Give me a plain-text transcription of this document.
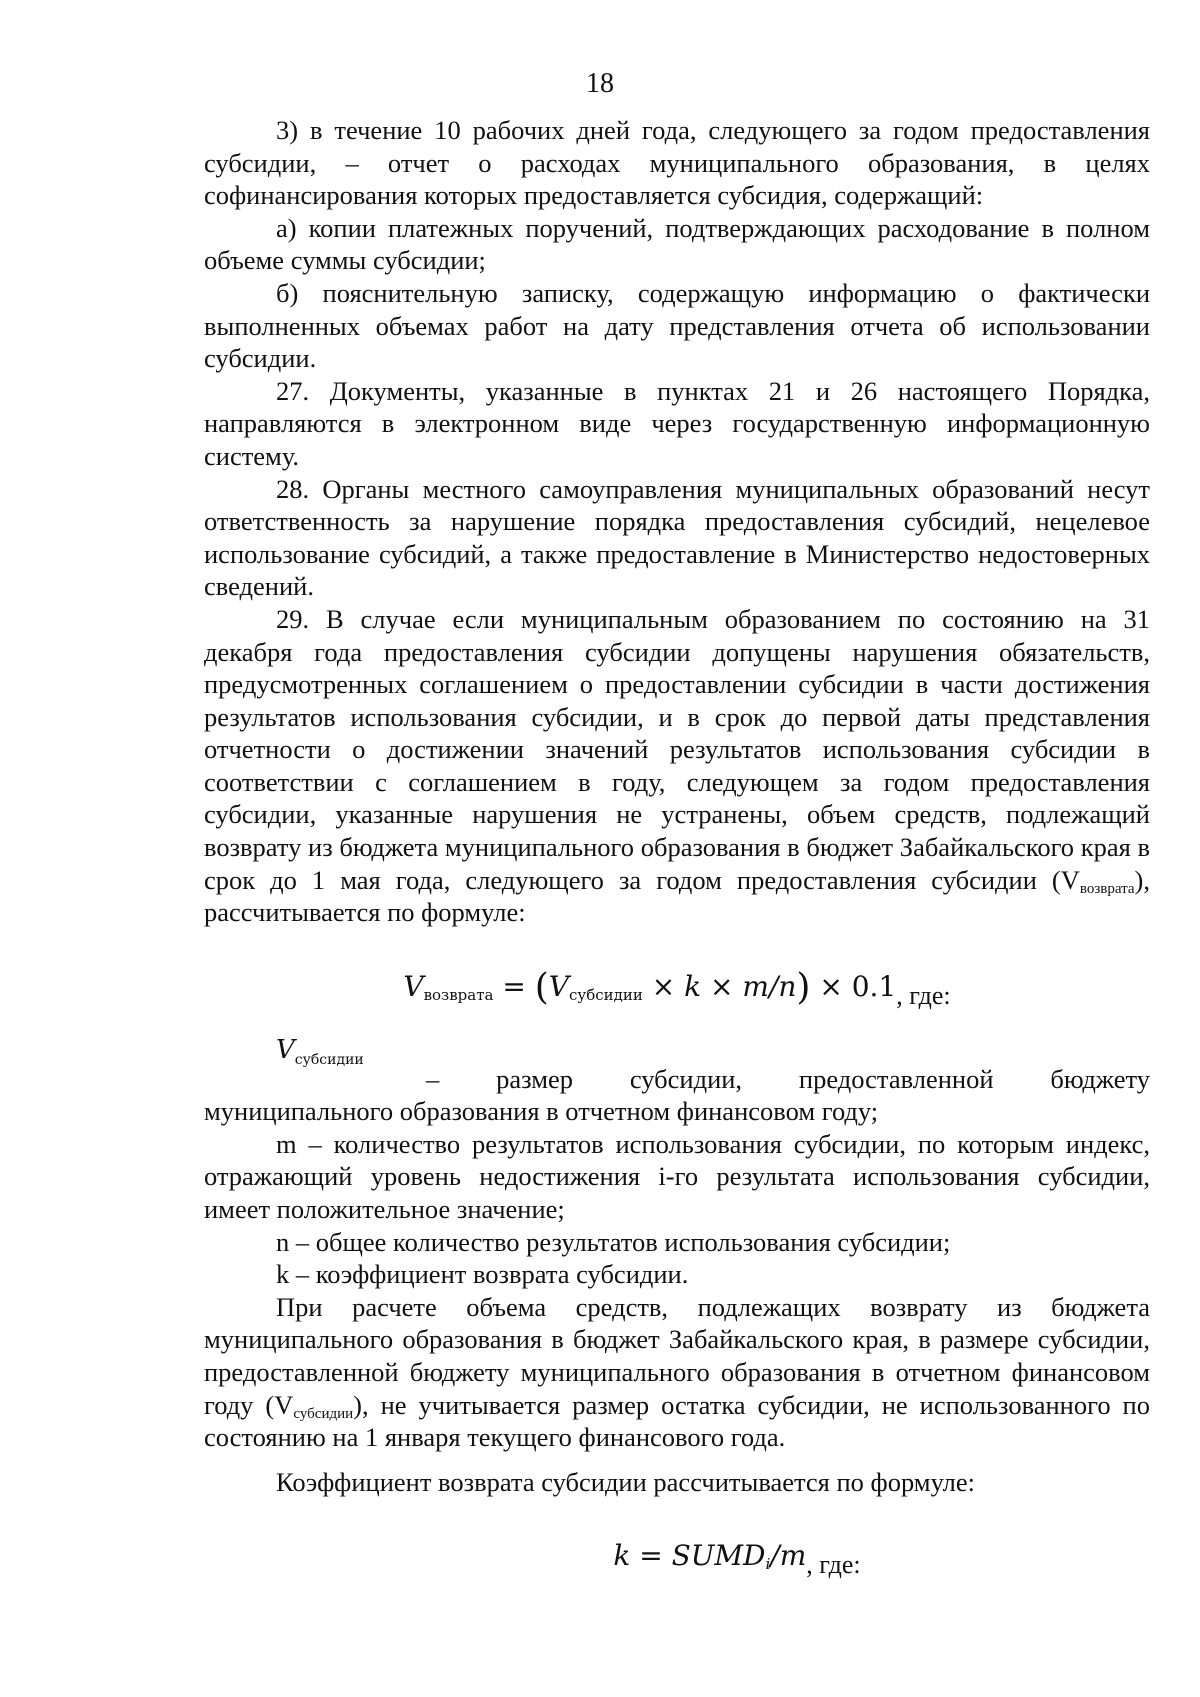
18

3) в течение 10 рабочих дней года, следующего за годом предоставления субсидии, – отчет о расходах муниципального образования, в целях софинансирования которых предоставляется субсидия, содержащий:

а) копии платежных поручений, подтверждающих расходование в полном объеме суммы субсидии;

б) пояснительную записку, содержащую информацию о фактически выполненных объемах работ на дату представления отчета об использовании субсидии.

27. Документы, указанные в пунктах 21 и 26 настоящего Порядка, направляются в электронном виде через государственную информационную систему.

28. Органы местного самоуправления муниципальных образований несут ответственность за нарушение порядка предоставления субсидий, нецелевое использование субсидий, а также предоставление в Министерство недостоверных сведений.

29. В случае если муниципальным образованием по состоянию на 31 декабря года предоставления субсидии допущены нарушения обязательств, предусмотренных соглашением о предоставлении субсидии в части достижения результатов использования субсидии, и в срок до первой даты представления отчетности о достижении значений результатов использования субсидии в соответствии с соглашением в году, следующем за годом предоставления субсидии, указанные нарушения не устранены, объем средств, подлежащий возврату из бюджета муниципального образования в бюджет Забайкальского края в срок до 1 мая года, следующего за годом предоставления субсидии $(V_{возврата})$, рассчитывается по формуле:

$V_{возврата} = (V_{субсидии} \times k \times m/n) \times 0.1$, где:

$V_{субсидии}$
– размер субсидии, предоставленной бюджету

муниципального образования в отчетном финансовом году;

m – количество результатов использования субсидии, по которым индекс, отражающий уровень недостижения i-го результата использования субсидии, имеет положительное значение;

n – общее количество результатов использования субсидии;

k – коэффициент возврата субсидии.

При расчете объема средств, подлежащих возврату из бюджета муниципального образования в бюджет Забайкальского края, в размере субсидии, предоставленной бюджету муниципального образования в отчетном финансовом году $(V_{субсидии})$, не учитывается размер остатка субсидии, не использованного по состоянию на 1 января текущего финансового года.

Коэффициент возврата субсидии рассчитывается по формуле:

$k = SUMD_i/m$, где:
